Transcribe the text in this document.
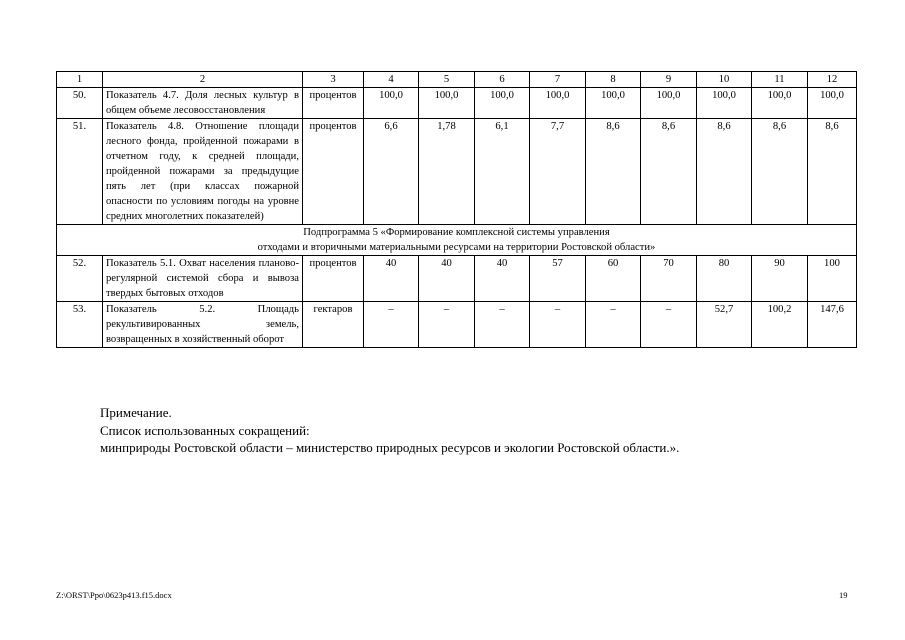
1	2	3	4	5	6	7	8	9	10	11	12
50.	Показатель 4.7. Доля лесных культур в общем объеме лесовосстановления	процентов	100,0	100,0	100,0	100,0	100,0	100,0	100,0	100,0	100,0
51.	Показатель 4.8. Отношение площади лесного фонда, пройденной пожарами в отчетном году, к средней площади, пройденной пожарами за предыдущие пять лет (при классах пожарной опасности по условиям погоды на уровне средних многолетних показателей)	процентов	6,6	1,78	6,1	7,7	8,6	8,6	8,6	8,6	8,6

Подпрограмма 5 «Формирование комплексной системы управления
отходами и вторичными материальными ресурсами на территории Ростовской области»											

52.	Показатель 5.1. Охват населения планово-регулярной системой сбора и вывоза твердых бытовых отходов	процентов	40	40	40	57	60	70	80	90	100
53.	Показатель 5.2. Площадь рекультивированных земель, возвращенных в хозяйственный оборот	гектаров	–	–	–	–	–	–	52,7	100,2	147,6
Примечание.
Список использованных сокращений:
минприроды Ростовской области – министерство природных ресурсов и экологии Ростовской области.».
Z:\ORST\Ppo\0623p413.f15.docx	19
